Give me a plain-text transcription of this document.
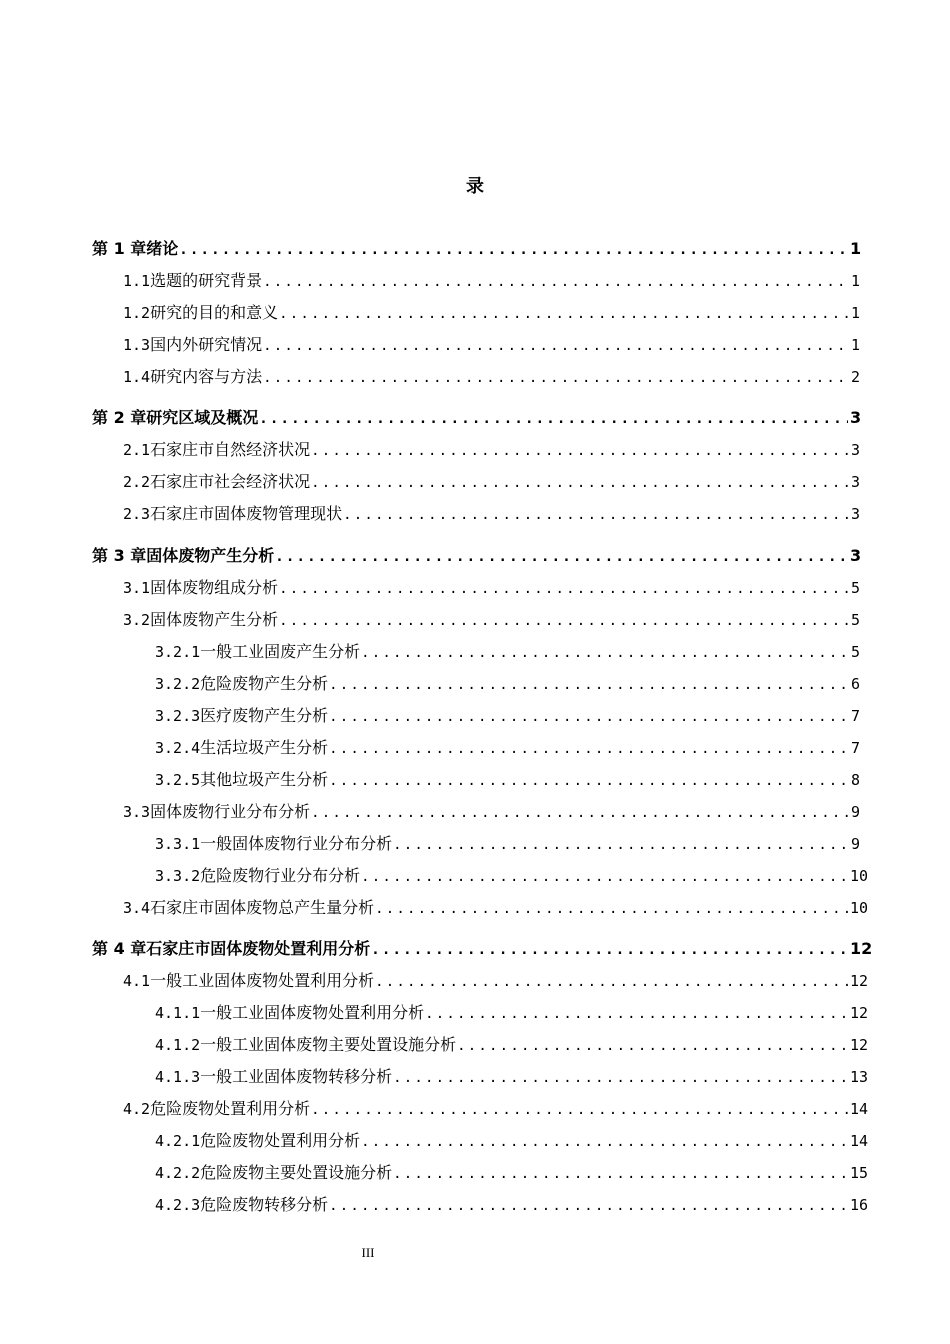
录
第 1 章 绪论 .....	1
1.1 选题的研究背景 .....	1
1.2 研究的目的和意义 .....	1
1.3 国内外研究情况 .....	1
1.4 研究内容与方法 .....	2
第 2 章 研究区域及概况 .....	3
2.1 石家庄市自然经济状况 .....	3
2.2 石家庄市社会经济状况 .....	3
2.3 石家庄市固体废物管理现状 .....	3
第 3 章 固体废物产生分析 .....	3
3.1 固体废物组成分析 .....	5
3.2 固体废物产生分析 .....	5
3.2.1 一般工业固废产生分析 .....	5
3.2.2 危险废物产生分析 .....	6
3.2.3 医疗废物产生分析 .....	7
3.2.4 生活垃圾产生分析 .....	7
3.2.5 其他垃圾产生分析 .....	8
3.3 固体废物行业分布分析 .....	9
3.3.1 一般固体废物行业分布分析 .....	9
3.3.2 危险废物行业分布分析 .....	10
3.4 石家庄市固体废物总产生量分析 .....	10
第 4 章 石家庄市固体废物处置利用分析 .....	12
4.1 一般工业固体废物处置利用分析 .....	12
4.1.1 一般工业固体废物处置利用分析 .....	12
4.1.2 一般工业固体废物主要处置设施分析 .....	12
4.1.3 一般工业固体废物转移分析 .....	13
4.2 危险废物处置利用分析 .....	14
4.2.1 危险废物处置利用分析 .....	14
4.2.2 危险废物主要处置设施分析 .....	15
4.2.3 危险废物转移分析 .....	16
III
